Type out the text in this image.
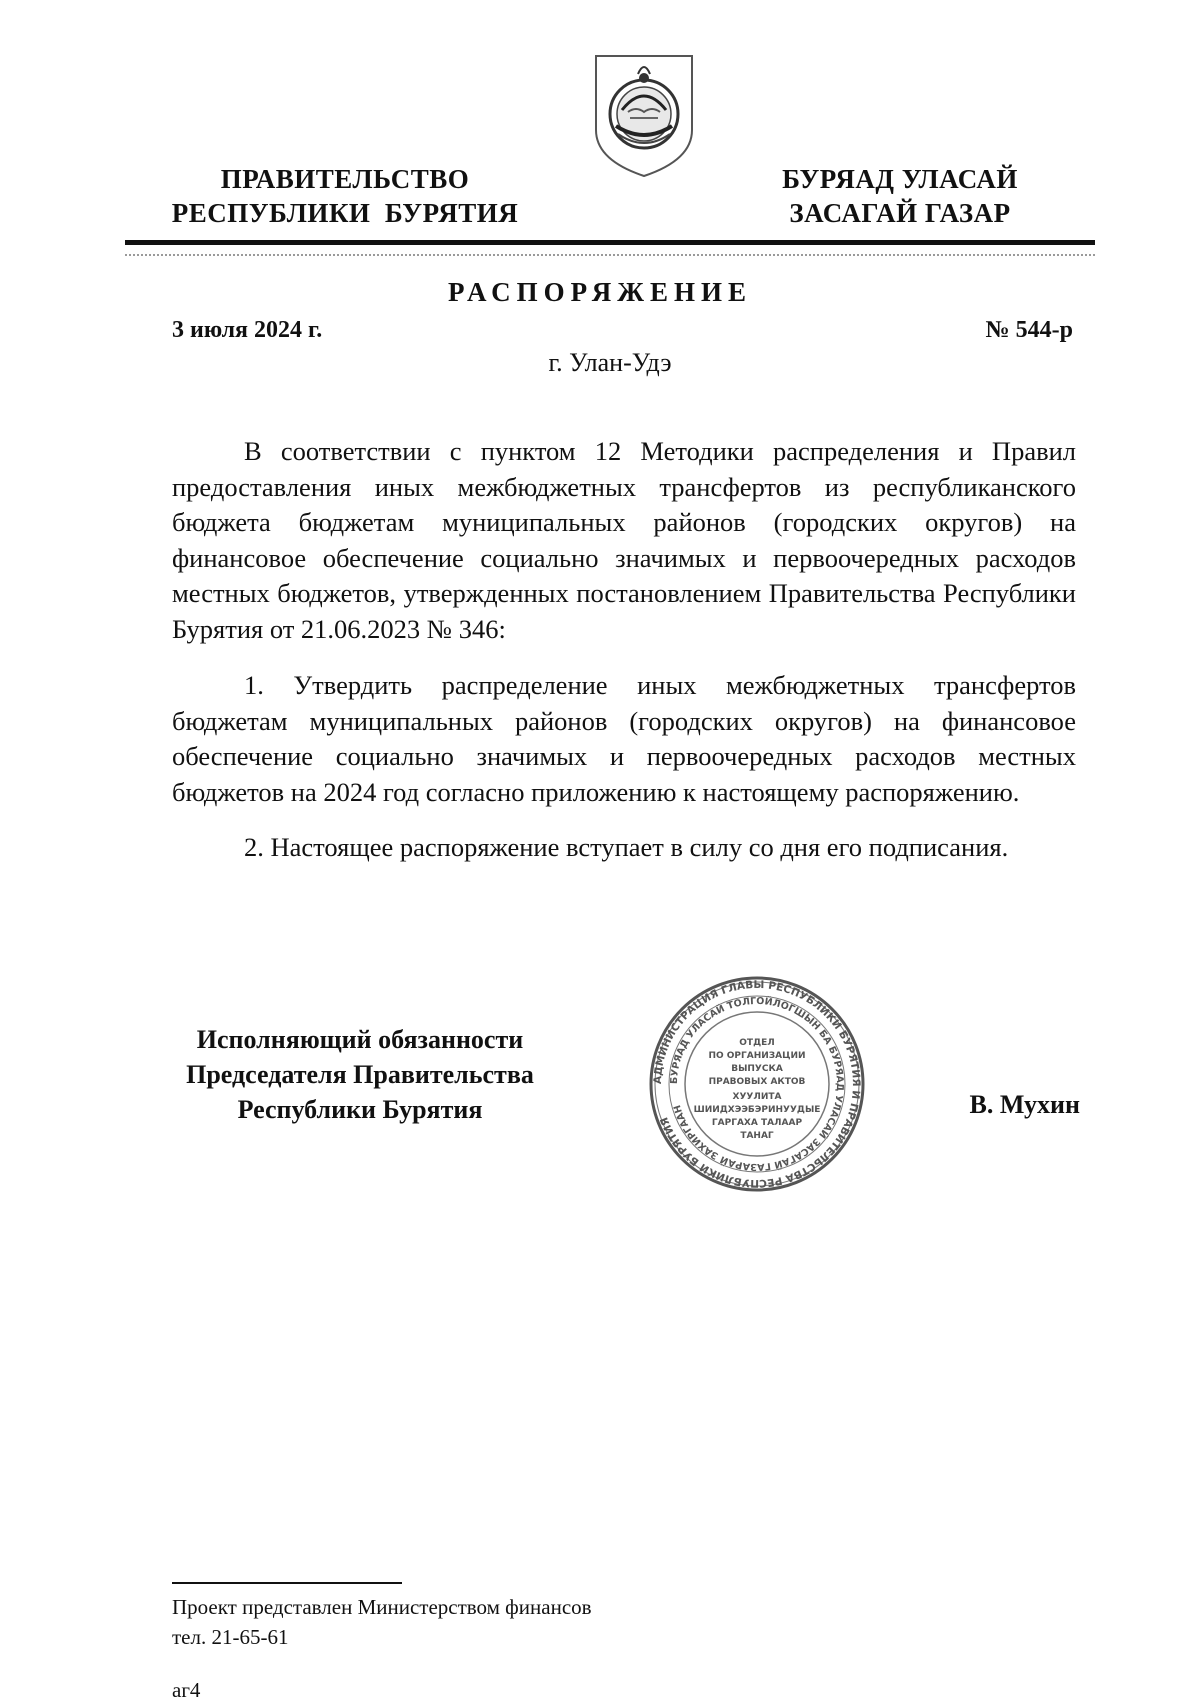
ПРАВИТЕЛЬСТВО
РЕСПУБЛИКИ  БУРЯТИЯ
БУРЯАД УЛАСАЙ
ЗАСАГАЙ ГАЗАР
РАСПОРЯЖЕНИЕ
3 июля 2024 г.	№ 544-р
г. Улан-Удэ

В соответствии с пунктом 12 Методики распределения и Правил предоставления иных межбюджетных трансфертов из республиканского бюджета бюджетам муниципальных районов (городских округов) на финансовое обеспечение социально значимых и первоочередных расходов местных бюджетов, утвержденных постановлением Правительства Республики Бурятия от 21.06.2023 № 346:

1. Утвердить распределение иных межбюджетных трансфертов бюджетам муниципальных районов (городских округов) на финансовое обеспечение социально значимых и первоочередных расходов местных бюджетов на 2024 год согласно приложению к настоящему распоряжению.

2. Настоящее распоряжение вступает в силу со дня его подписания.

Исполняющий обязанности
Председателя Правительства
Республики Бурятия
АДМИНИСТРАЦИЯ ГЛАВЫ РЕСПУБЛИКИ БУРЯТИЯ И ПРАВИТЕЛЬСТВА РЕСПУБЛИКИ БУРЯТИЯ
БУРЯАД УЛАСАЙ ТОЛГОЙЛОГШЫН БА БУРЯАД УЛАСАЙ ЗАСАГАЙ ГАЗАРАЙ ЗАХИРГААН
ОТДЕЛ
ПО ОРГАНИЗАЦИИ
ВЫПУСКА
ПРАВОВЫХ АКТОВ
ХУУЛИТА
ШИИДХЭЭБЭРИНУУДЫЕ
ГАРГАХА ТАЛААР
ТАНАГ
В. Мухин
Проект представлен Министерством финансов
тел. 21-65-61
аг4
